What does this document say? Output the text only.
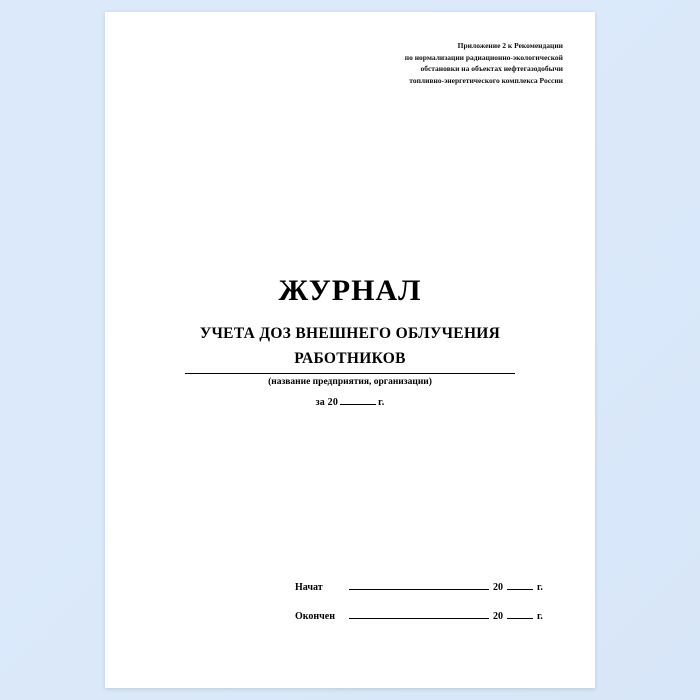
Приложение 2 к Рекомендации
по нормализации радиационно-экологической
обстановки на объектах нефтегазодобычи
топливно-энергетического комплекса России
ЖУРНАЛ
УЧЕТА ДОЗ ВНЕШНЕГО ОБЛУЧЕНИЯ
РАБОТНИКОВ
(название предприятия, организации)
за 20	г.
Начат	20	г.
Окончен	20	г.
